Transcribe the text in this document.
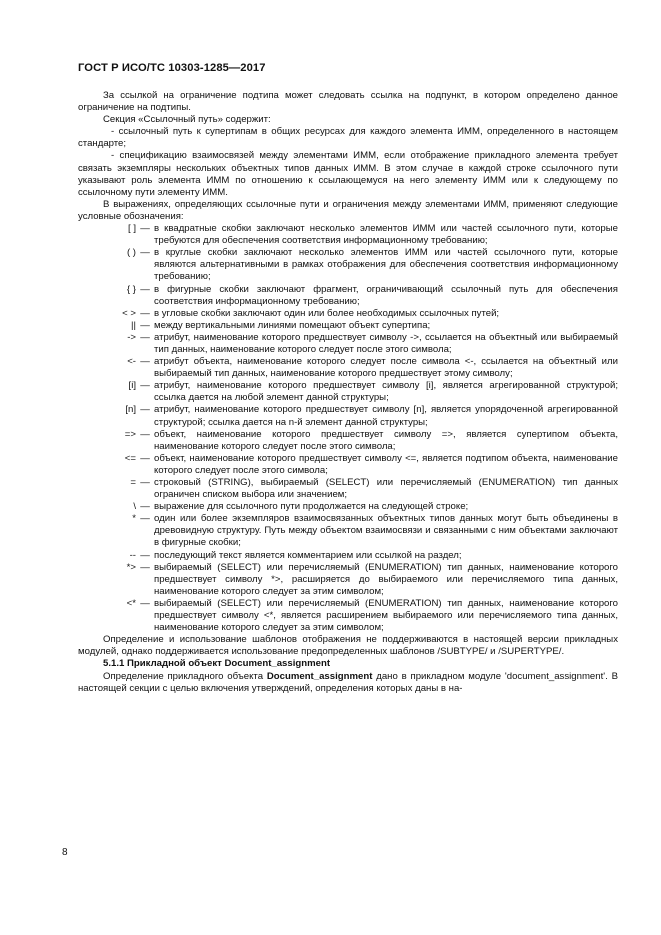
ГОСТ Р ИСО/ТС 10303-1285—2017

За ссылкой на ограничение подтипа может следовать ссылка на подпункт, в котором определено данное ограничение на подтипы.

Секция «Ссылочный путь» содержит:

- ссылочный путь к супертипам в общих ресурсах для каждого элемента ИММ, определенного в настоящем стандарте;

- спецификацию взаимосвязей между элементами ИММ, если отображение прикладного элемента требует связать экземпляры нескольких объектных типов данных ИММ. В этом случае в каждой строке ссылочного пути указывают роль элемента ИММ по отношению к ссылающемуся на него элементу ИММ или к следующему по ссылочному пути элементу ИММ.

В выражениях, определяющих ссылочные пути и ограничения между элементами ИММ, применяют следующие условные обозначения:

[ ] — в квадратные скобки заключают несколько элементов ИММ или частей ссылочного пути, которые требуются для обеспечения соответствия информационному требованию;
( ) — в круглые скобки заключают несколько элементов ИММ или частей ссылочного пути, которые являются альтернативными в рамках отображения для обеспечения соответствия информационному требованию;
{ } — в фигурные скобки заключают фрагмент, ограничивающий ссылочный путь для обеспечения соответствия информационному требованию;
< > — в угловые скобки заключают один или более необходимых ссылочных путей;
|| — между вертикальными линиями помещают объект супертипа;
-> — атрибут, наименование которого предшествует символу ->, ссылается на объектный или выбираемый тип данных, наименование которого следует после этого символа;
<- — атрибут объекта, наименование которого следует после символа <-, ссылается на объектный или выбираемый тип данных, наименование которого предшествует этому символу;
[i] — атрибут, наименование которого предшествует символу [i], является агрегированной структурой; ссылка дается на любой элемент данной структуры;
[n] — атрибут, наименование которого предшествует символу [n], является упорядоченной агрегированной структурой; ссылка дается на n-й элемент данной структуры;
=> — объект, наименование которого предшествует символу =>, является супертипом объекта, наименование которого следует после этого символа;
<= — объект, наименование которого предшествует символу <=, является подтипом объекта, наименование которого следует после этого символа;
= — строковый (STRING), выбираемый (SELECT) или перечисляемый (ENUMERATION) тип данных ограничен списком выбора или значением;
\ — выражение для ссылочного пути продолжается на следующей строке;
* — один или более экземпляров взаимосвязанных объектных типов данных могут быть объединены в древовидную структуру. Путь между объектом взаимосвязи и связанными с ним объектами заключают в фигурные скобки;
-- — последующий текст является комментарием или ссылкой на раздел;
*> — выбираемый (SELECT) или перечисляемый (ENUMERATION) тип данных, наименование которого предшествует символу *>, расширяется до выбираемого или перечисляемого типа данных, наименование которого следует за этим символом;
<* — выбираемый (SELECT) или перечисляемый (ENUMERATION) тип данных, наименование которого предшествует символу <*, является расширением выбираемого или перечисляемого типа данных, наименование которого следует за этим символом;

Определение и использование шаблонов отображения не поддерживаются в настоящей версии прикладных модулей, однако поддерживается использование предопределенных шаблонов /SUBTYPE/ и /SUPERTYPE/.

5.1.1 Прикладной объект Document_assignment

Определение прикладного объекта Document_assignment дано в прикладном модуле 'document_assignment'. В настоящей секции с целью включения утверждений, определения которых даны в на-

8
